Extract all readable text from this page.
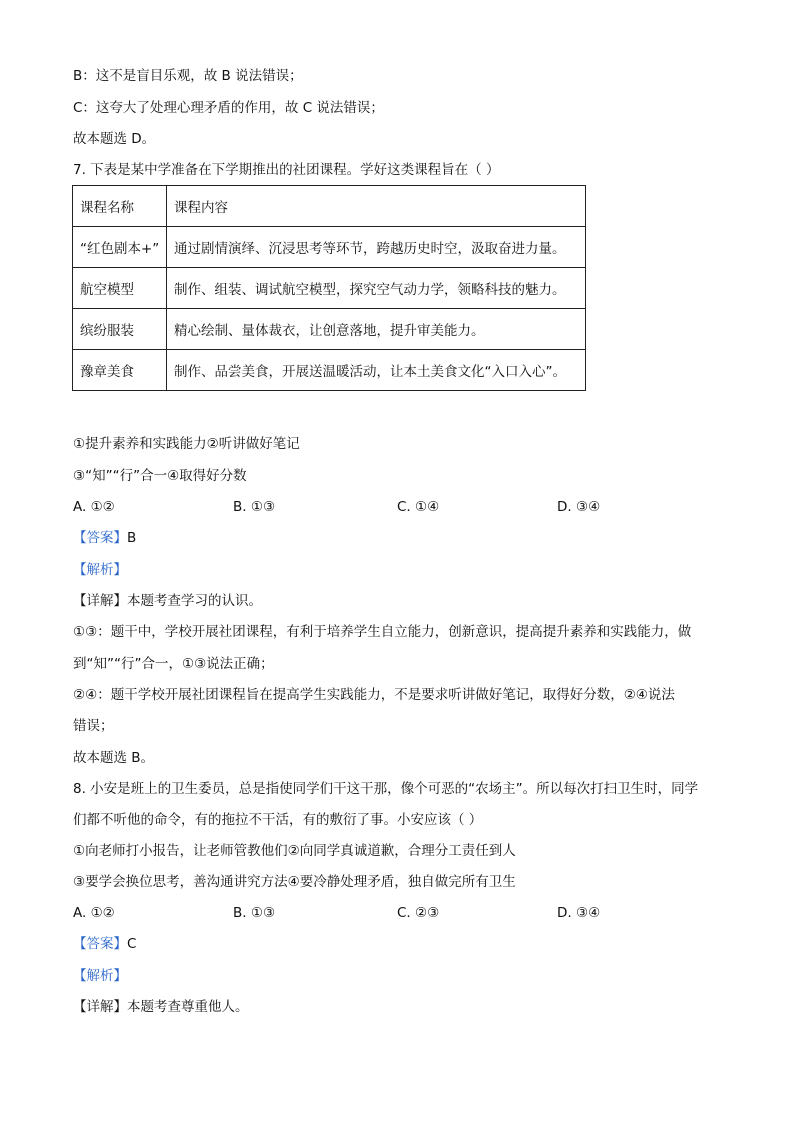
B：这不是盲目乐观，故 B 说法错误；
C：这夸大了处理心理矛盾的作用，故 C 说法错误；
故本题选 D。
7. 下表是某中学准备在下学期推出的社团课程。学好这类课程旨在（ ）
课程名称	课程内容
“红色剧本+”	通过剧情演绎、沉浸思考等环节，跨越历史时空，汲取奋进力量。
航空模型	制作、组装、调试航空模型，探究空气动力学，领略科技的魅力。
缤纷服装	精心绘制、量体裁衣，让创意落地，提升审美能力。
豫章美食	制作、品尝美食，开展送温暖活动，让本土美食文化“入口入心”。
①提升素养和实践能力②听讲做好笔记
③“知”“行”合一④取得好分数
A. ①②	B. ①③	C. ①④	D. ③④
【答案】B
【解析】
【详解】本题考查学习的认识。
①③：题干中，学校开展社团课程，有利于培养学生自立能力，创新意识，提高提升素养和实践能力，做
到“知”“行”合一，①③说法正确；
②④：题干学校开展社团课程旨在提高学生实践能力，不是要求听讲做好笔记，取得好分数，②④说法
错误；
故本题选 B。
8. 小安是班上的卫生委员，总是指使同学们干这干那，像个可恶的“农场主”。所以每次打扫卫生时，同学
们都不听他的命令，有的拖拉不干活，有的敷衍了事。小安应该（ ）
①向老师打小报告，让老师管教他们②向同学真诚道歉，合理分工责任到人
③要学会换位思考，善沟通讲究方法④要冷静处理矛盾，独自做完所有卫生
A. ①②	B. ①③	C. ②③	D. ③④
【答案】C
【解析】
【详解】本题考查尊重他人。
